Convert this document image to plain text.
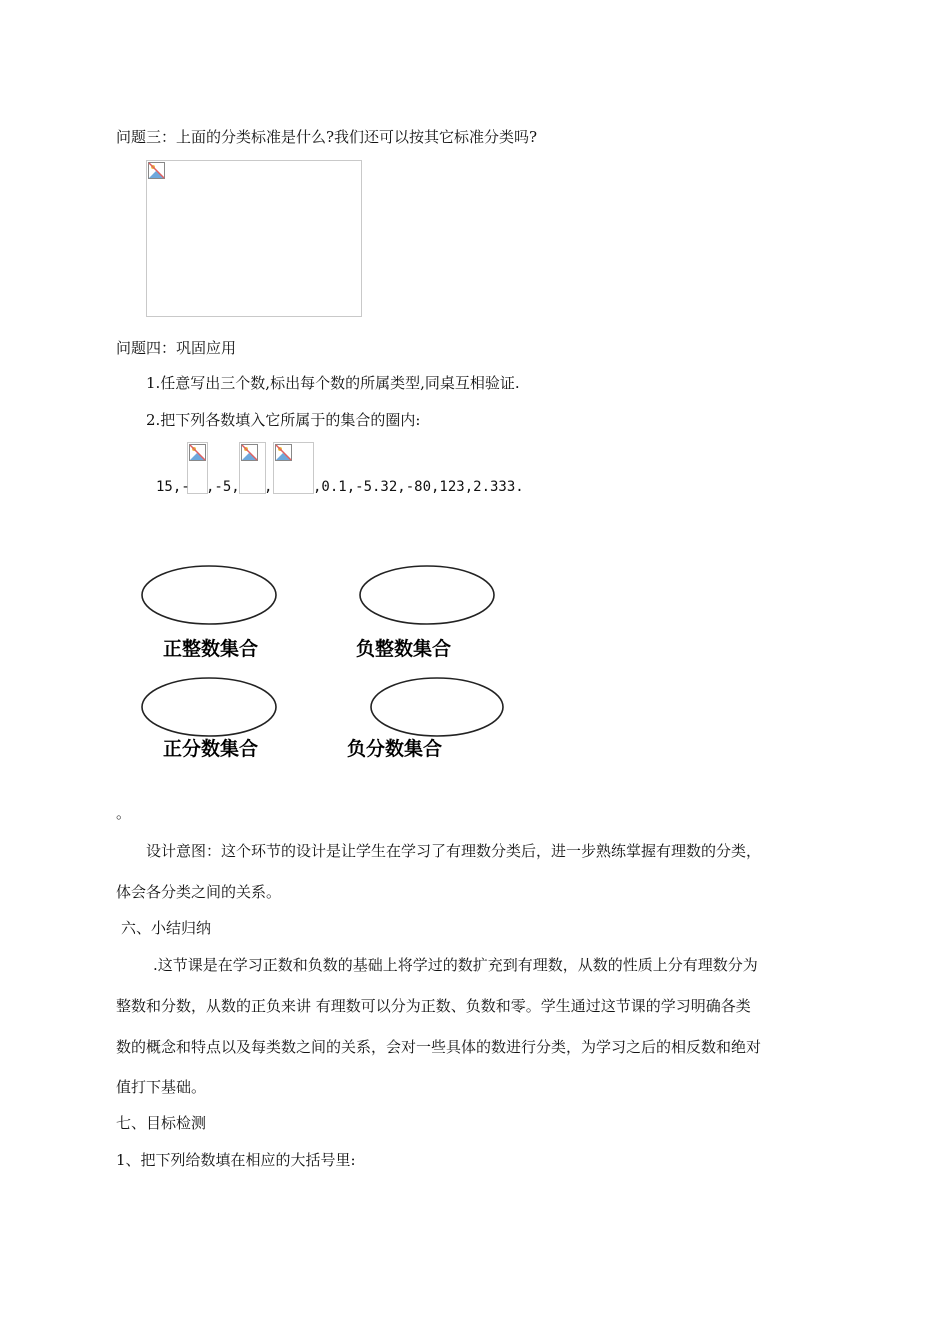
问题三：上面的分类标准是什么?我们还可以按其它标准分类吗?
问题四：巩固应用
1.任意写出三个数,标出每个数的所属类型,同桌互相验证.
2.把下列各数填入它所属于的集合的圈内:
15,- ,-5, ,	,0.1,-5.32,-80,123,2.333.
正整数集合	负整数集合
正分数集合	负分数集合
。
设计意图：这个环节的设计是让学生在学习了有理数分类后，进一步熟练掌握有理数的分类，
体会各分类之间的关系。
六、小结归纳
.这节课是在学习正数和负数的基础上将学过的数扩充到有理数，从数的性质上分有理数分为
整数和分数，从数的正负来讲 有理数可以分为正数、负数和零。学生通过这节课的学习明确各类
数的概念和特点以及每类数之间的关系，会对一些具体的数进行分类，为学习之后的相反数和绝对
值打下基础。
七、目标检测
1、把下列给数填在相应的大括号里:
